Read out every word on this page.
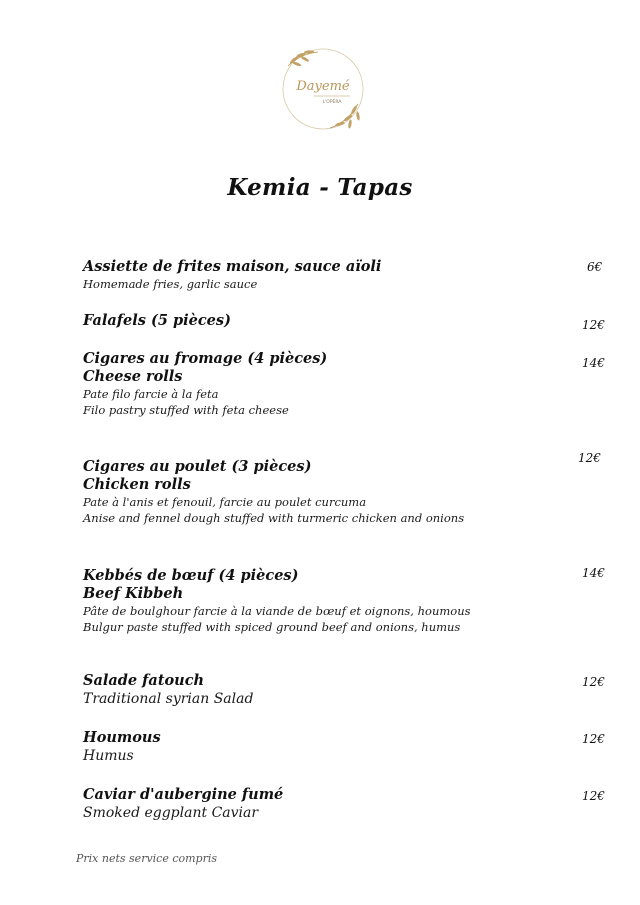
Dayemé
L'OPÉRA
Kemia - Tapas
Assiette de frites maison, sauce aïoli
Homemade fries, garlic sauce
6€
Falafels (5 pièces)	12€
Cigares au fromage (4 pièces)
Cheese rolls
Pate filo farcie à la feta
Filo pastry stuffed with feta cheese
14€
Cigares au poulet (3 pièces)
Chicken rolls
Pate à l'anis et fenouil, farcie au poulet curcuma
Anise and fennel dough stuffed with turmeric chicken and onions
12€
Kebbés de bœuf (4 pièces)
Beef Kibbeh
Pâte de boulghour farcie à la viande de bœuf et oignons, houmous
Bulgur paste stuffed with spiced ground beef and onions, humus
14€
Salade fatouch
Traditional syrian Salad
12€
Houmous
Humus
12€
Caviar d'aubergine fumé
Smoked eggplant Caviar
12€
Prix nets service compris
